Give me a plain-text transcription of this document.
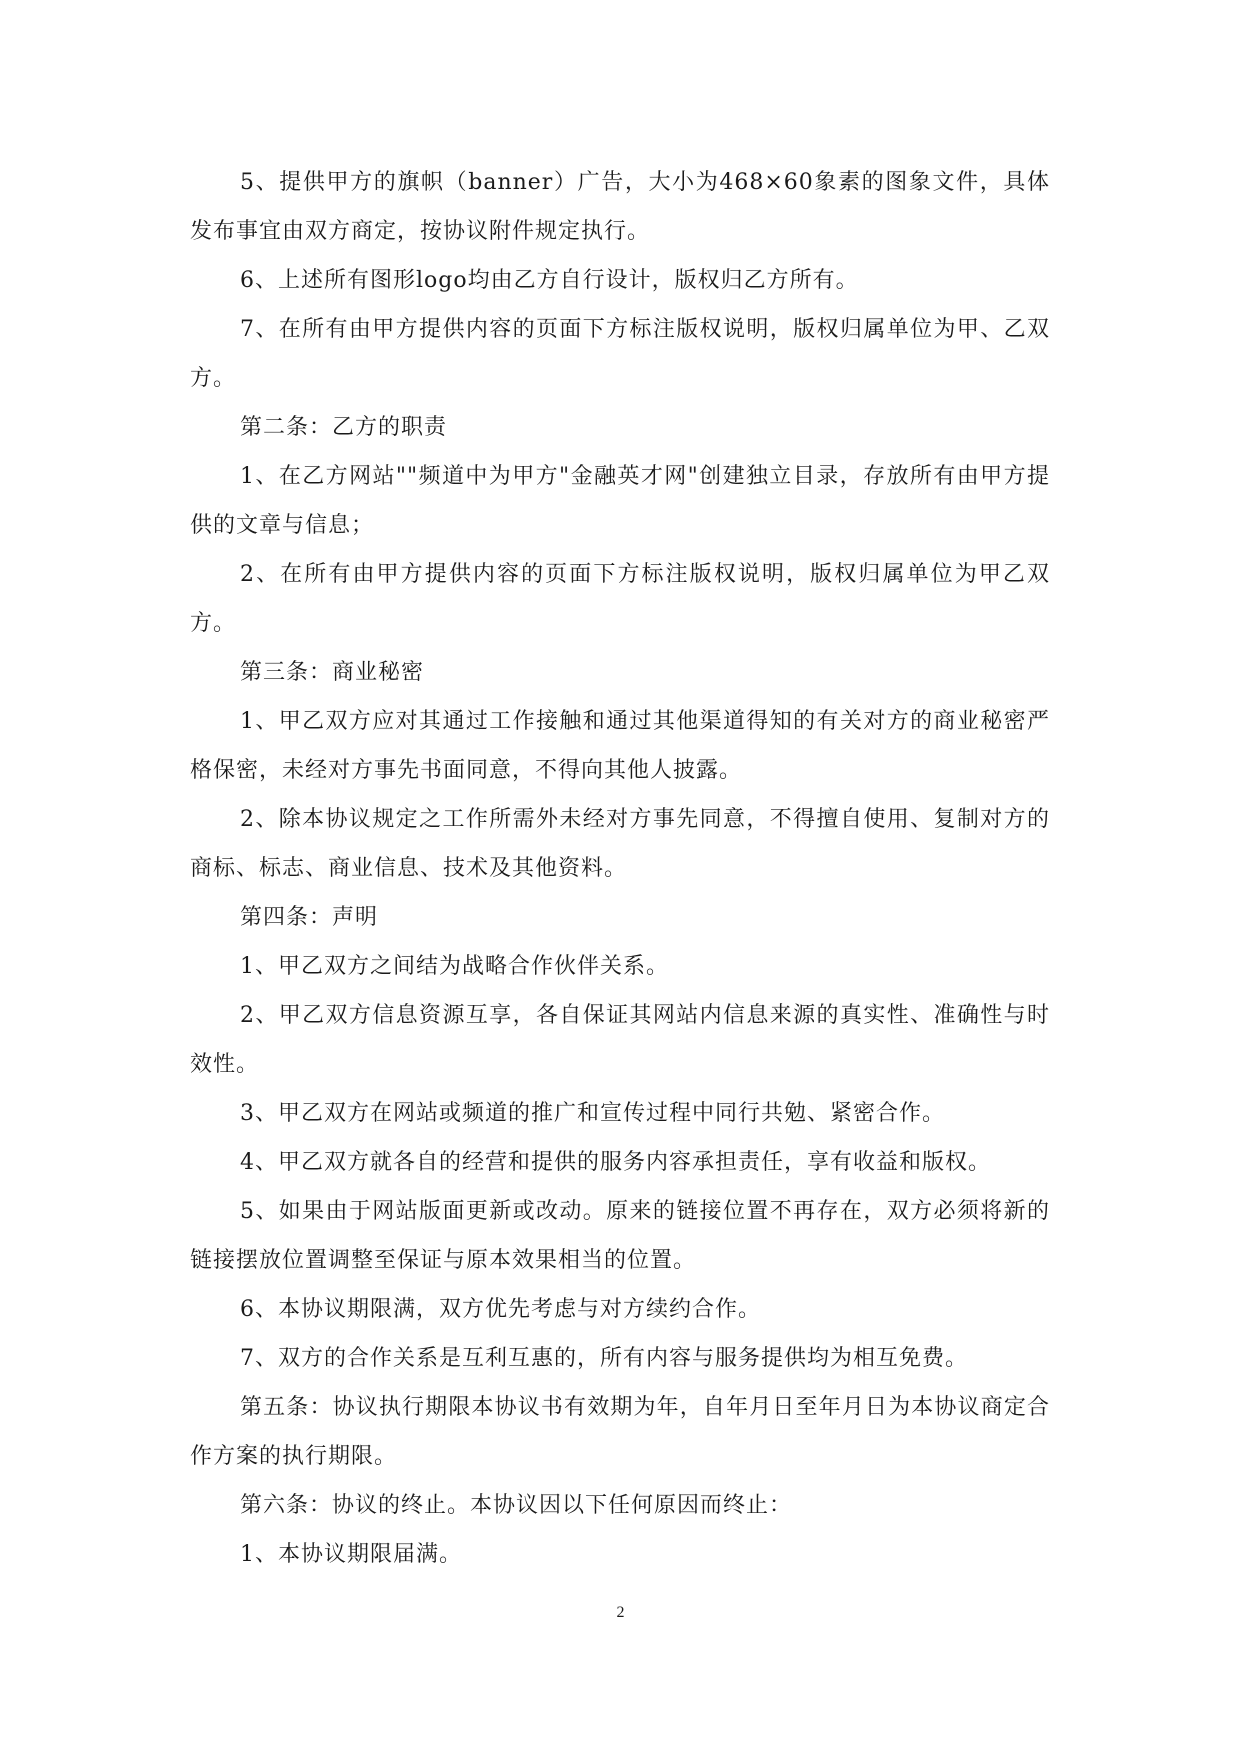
5、提供甲方的旗帜（banner）广告，大小为468×60象素的图象文件，具体发布事宜由双方商定，按协议附件规定执行。

6、上述所有图形logo均由乙方自行设计，版权归乙方所有。

7、在所有由甲方提供内容的页面下方标注版权说明，版权归属单位为甲、乙双方。

第二条：乙方的职责

1、在乙方网站""频道中为甲方"金融英才网"创建独立目录，存放所有由甲方提供的文章与信息；

2、在所有由甲方提供内容的页面下方标注版权说明，版权归属单位为甲乙双方。

第三条：商业秘密

1、甲乙双方应对其通过工作接触和通过其他渠道得知的有关对方的商业秘密严格保密，未经对方事先书面同意，不得向其他人披露。

2、除本协议规定之工作所需外未经对方事先同意，不得擅自使用、复制对方的商标、标志、商业信息、技术及其他资料。

第四条：声明

1、甲乙双方之间结为战略合作伙伴关系。

2、甲乙双方信息资源互享，各自保证其网站内信息来源的真实性、准确性与时效性。

3、甲乙双方在网站或频道的推广和宣传过程中同行共勉、紧密合作。

4、甲乙双方就各自的经营和提供的服务内容承担责任，享有收益和版权。

5、如果由于网站版面更新或改动。原来的链接位置不再存在，双方必须将新的链接摆放位置调整至保证与原本效果相当的位置。

6、本协议期限满，双方优先考虑与对方续约合作。

7、双方的合作关系是互利互惠的，所有内容与服务提供均为相互免费。

第五条：协议执行期限本协议书有效期为年，自年月日至年月日为本协议商定合作方案的执行期限。

第六条：协议的终止。本协议因以下任何原因而终止：

1、本协议期限届满。

2
